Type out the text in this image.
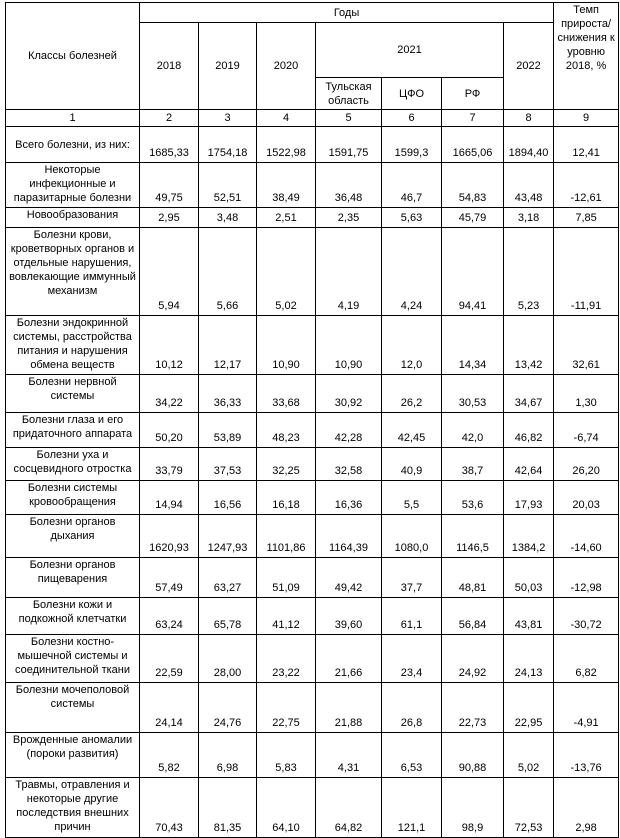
Классы болезней	Годы							Темп прироста/ снижения к уровню 2018, %
	2018	2019	2020	2021			2022	
				Тульская область	ЦФО	РФ		
1	2	3	4	5	6	7	8	9
Всего болезни, из них:	1685,33	1754,18	1522,98	1591,75	1599,3	1665,06	1894,40	12,41
Некоторые инфекционные и паразитарные болезни	49,75	52,51	38,49	36,48	46,7	54,83	43,48	-12,61
Новообразования	2,95	3,48	2,51	2,35	5,63	45,79	3,18	7,85
Болезни крови, кроветворных органов и отдельные нарушения, вовлекающие иммунный механизм	5,94	5,66	5,02	4,19	4,24	94,41	5,23	-11,91
Болезни эндокринной системы, расстройства питания и нарушения обмена веществ	10,12	12,17	10,90	10,90	12,0	14,34	13,42	32,61
Болезни нервной системы	34,22	36,33	33,68	30,92	26,2	30,53	34,67	1,30
Болезни глаза и его придаточного аппарата	50,20	53,89	48,23	42,28	42,45	42,0	46,82	-6,74
Болезни уха и сосцевидного отростка	33,79	37,53	32,25	32,58	40,9	38,7	42,64	26,20
Болезни системы кровообращения	14,94	16,56	16,18	16,36	5,5	53,6	17,93	20,03
Болезни органов дыхания	1620,93	1247,93	1101,86	1164,39	1080,0	1146,5	1384,2	-14,60
Болезни органов пищеварения	57,49	63,27	51,09	49,42	37,7	48,81	50,03	-12,98
Болезни кожи и подкожной клетчатки	63,24	65,78	41,12	39,60	61,1	56,84	43,81	-30,72
Болезни костно-мышечной системы и соединительной ткани	22,59	28,00	23,22	21,66	23,4	24,92	24,13	6,82
Болезни мочеполовой системы	24,14	24,76	22,75	21,88	26,8	22,73	22,95	-4,91
Врожденные аномалии (пороки развития)	5,82	6,98	5,83	4,31	6,53	90,88	5,02	-13,76
Травмы, отравления и некоторые другие последствия внешних причин	70,43	81,35	64,10	64,82	121,1	98,9	72,53	2,98
